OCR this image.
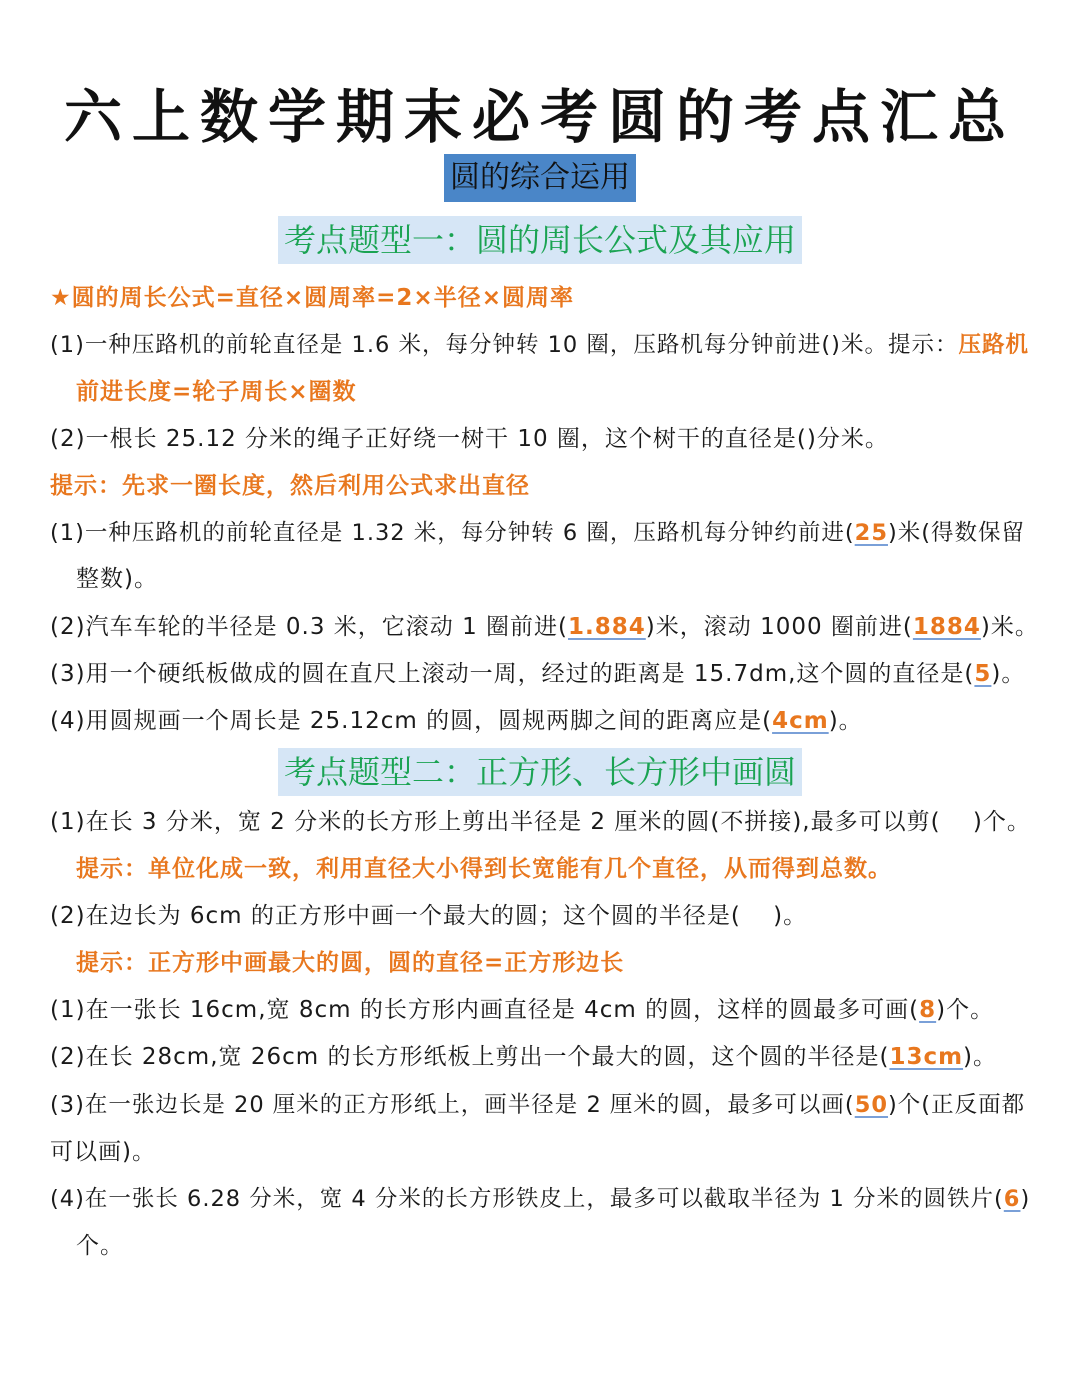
六上数学期末必考圆的考点汇总
圆的综合运用
考点题型一：圆的周长公式及其应用
★圆的周长公式=直径×圆周率=2×半径×圆周率
(1)一种压路机的前轮直径是 1.6 米，每分钟转 10 圈，压路机每分钟前进()米。提示：压路机
前进长度=轮子周长×圈数
(2)一根长 25.12 分米的绳子正好绕一树干 10 圈，这个树干的直径是()分米。
提示：先求一圈长度，然后利用公式求出直径
(1)一种压路机的前轮直径是 1.32 米，每分钟转 6 圈，压路机每分钟约前进(25)米(得数保留
整数)。
(2)汽车车轮的半径是 0.3 米，它滚动 1 圈前进(1.884)米，滚动 1000 圈前进(1884)米。
(3)用一个硬纸板做成的圆在直尺上滚动一周，经过的距离是 15.7dm,这个圆的直径是(5)。
(4)用圆规画一个周长是 25.12cm 的圆，圆规两脚之间的距离应是(4cm)。
考点题型二：正方形、长方形中画圆
(1)在长 3 分米，宽 2 分米的长方形上剪出半径是 2 厘米的圆(不拼接),最多可以剪(　 )个。
提示：单位化成一致，利用直径大小得到长宽能有几个直径，从而得到总数。
(2)在边长为 6cm 的正方形中画一个最大的圆；这个圆的半径是(　 )。
提示：正方形中画最大的圆，圆的直径=正方形边长
(1)在一张长 16cm,宽 8cm 的长方形内画直径是 4cm 的圆，这样的圆最多可画(8)个。
(2)在长 28cm,宽 26cm 的长方形纸板上剪出一个最大的圆，这个圆的半径是(13cm)。
(3)在一张边长是 20 厘米的正方形纸上，画半径是 2 厘米的圆，最多可以画(50)个(正反面都
可以画)。
(4)在一张长 6.28 分米，宽 4 分米的长方形铁皮上，最多可以截取半径为 1 分米的圆铁片(6)
个。
